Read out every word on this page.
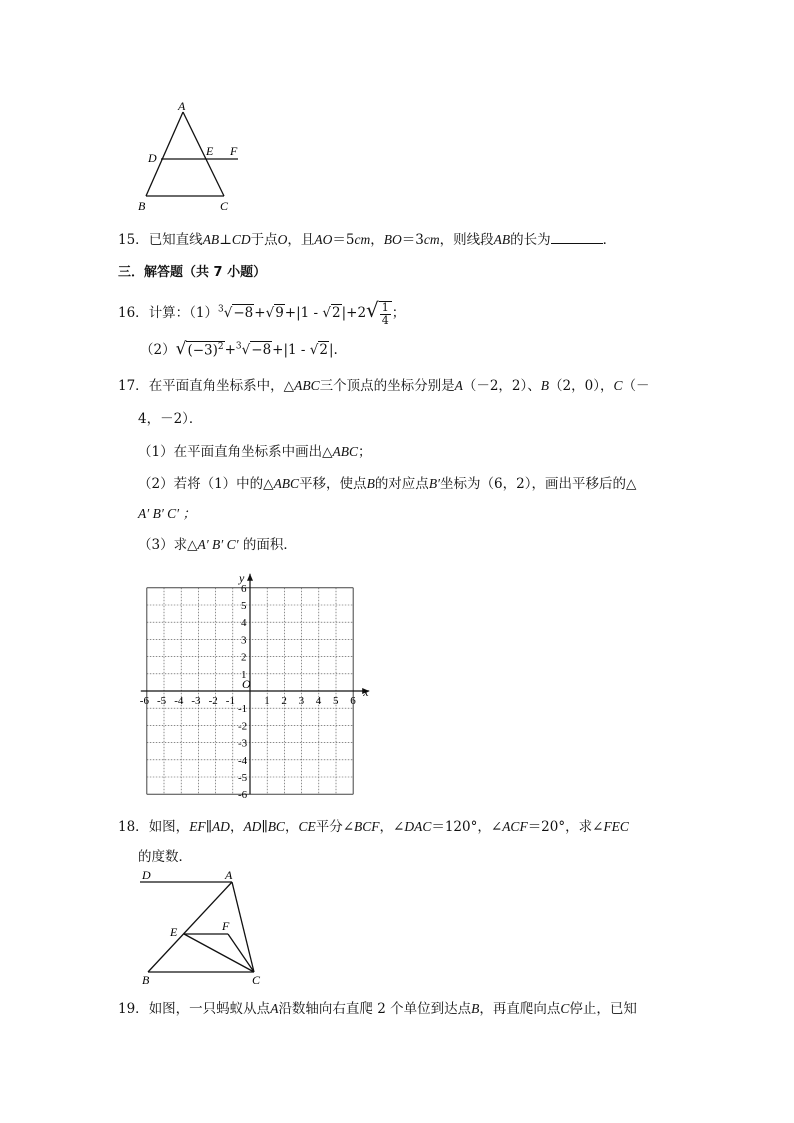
A
D	E F
B	C
15．已知直线AB⊥CD于点O，且AO＝5cm，BO＝3cm，则线段AB的长为	．
三．解答题（共 7 小题）
16．计算：$(1)^3√-8+√9+|1 - √2|+2√ \frac{1}{4}$ ；
$(2)√(-3)^2+^3√-8+|1 - √2|$.
17．在平面直角坐标系中，△ABC三个顶点的坐标分别是A（－2，2）、B（2，0），C（－
4，－2）．
（1）在平面直角坐标系中画出△ABC；
（2）若将（1）中的△ABC平移，使点B的对应点B′坐标为（6，2），画出平移后的△
A′ B′ C′ ；
（3）求△A′ B′ C′ 的面积．
x
y
O
-6 -5 -4 -3 -2 -1	1 2 3 4 5 6
6
5
4
3
2
1
-1
-2
-3
-4
-5
-6
18．如图，EF∥AD，AD∥BC，CE平分∠BCF，∠DAC＝120°，∠ACF＝20°，求∠FEC
的度数．
D	A
E	F
B	C
19．如图，一只蚂蚁从点A沿数轴向右直爬 2 个单位到达点B，再直爬向点C停止，已知
